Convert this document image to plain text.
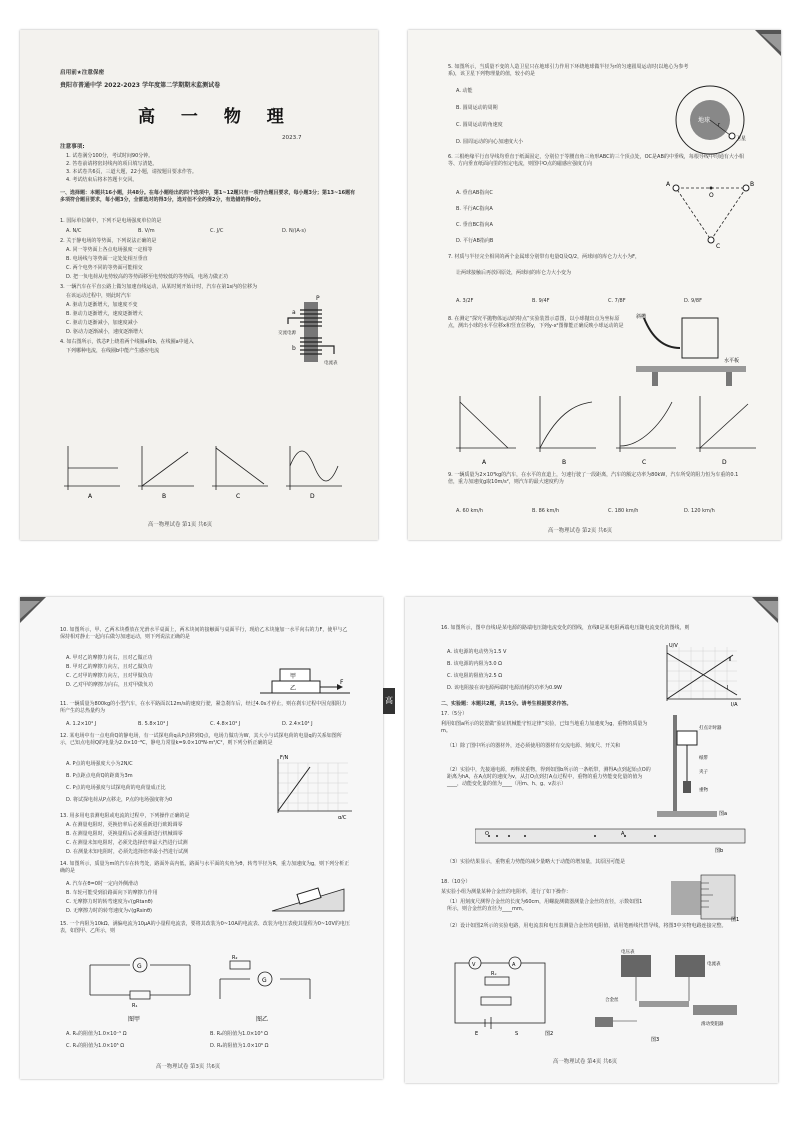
启用前★注意保密
贵阳市普通中学 2022-2023 学年度第二学期期末监测试卷
高 一 物 理
2023.7
注意事项:
1. 试卷满分100分，考试时间90分钟。
2. 答卷前请将密封线内的项目填写清楚。
3. 本试卷共6页，三道大题，22小题，请按题目要求作答。
4. 考试结束后将本答题卡交回。
一、选择题：本题共16小题，共48分。在每小题给出的四个选项中，第1~12题只有一项符合题目要求，每小题3分；第13~16题有多项符合题目要求，每小题3分，全部选对的得3分，选对但不全的得2分，有选错的得0分。
1. 国际单位制中，下列不是电场强度单位的是
A. N/C	B. V/m	C. J/C	D. N/(A·s)
2. 关于静电场的等势面，下列说法正确的是
A. 同一等势面上各点电场强度一定相等
B. 电场线与等势面一定处处相互垂直
C. 两个电势不同的等势面可能相交
D. 把一负电荷从电势较高的等势面移至电势较低的等势面，电场力做正功
3. 一辆汽车在平直公路上做匀加速直线运动，从某时刻开始计时，汽车在第1s内的位移为
在该运动过程中，则此时汽车
A. 驱动力逐渐增大，加速度不变
B. 驱动力逐渐增大，速度逐渐增大
C. 驱动力逐渐减小，加速度减小
D. 驱动力逐渐减小，速度逐渐增大
4. 如右图所示，铁芯P上绕着两个线圈a和b，在线圈a中通入
下列哪种电流，在线圈b中能产生感应电流
P
a
b
交流电源
电流表
A	B	C	D
高一物理试卷 第1页 共6页
5. 如图所示，当质量不变的人造卫星只在地球引力作用下环绕地球做半径为r的匀速圆周运动时(以地心为参考系)，该卫星下列物理量的值，较小的是
A. 动能
B. 圆周运动的周期
C. 圆周运动的角速度
D. 圆周运动的向心加速度大小
地球
卫星
r
6. 三根绝缘平行直导线均垂直于纸面固定，分别位于等腰直角三角形ABC的三个顶点处，OC是AB的中垂线，每根导线中均通有大小相等、方向垂直纸面向里的恒定电流，则图中O点的磁感应强度方向
A. 垂直AB指向C
B. 平行AC指向A
C. 垂直BC指向A
D. 平行AB指向B
A
O
B
C
7. 材质与半径完全相同的两个金属球分别带有电量Q及Q/2，两球间的库仑力大小为F，
让两球接触后再放回原处，两球间的库仑力大小变为
A. 3/2F	B. 9/4F	C. 7/8F	D. 9/8F
8. 在测定“探究平抛物体运动的特点”实验装置示意图，以小球抛出点为坐标原点，测出小球的水平位移x和竖直位移y，下列y-x²图像能正确反映小球运动的是
斜槽
水平板
A	B	C	D
9. 一辆质量为2×10³kg的汽车，在水平的直道上，匀速行驶了一段距离，汽车的额定功率为80kW，汽车所受的阻力恒为车重的0.1倍，重力加速度g取10m/s²，则汽车的最大速度约为
A. 60 km/h	B. 86 km/h	C. 180 km/h	D. 120 km/h
高一物理试卷 第2页 共6页
10. 如图所示，甲、乙两木块叠放在光滑水平桌面上，两木块间的接触面与桌面平行，现给乙木块施加一水平向右的力F，使甲与乙保持相对静止一起向右做匀加速运动，则下列说法正确的是
A. 甲对乙的摩擦力向右，且对乙做正功
B. 甲对乙的摩擦力向左，且对乙做负功
C. 乙对甲的摩擦力向左，且对甲做负功
D. 乙对甲的摩擦力向右，且对甲做负功
甲
乙
F
11. 一辆质量为800kg的小型汽车，在水平路面以12m/s的速度行驶，紧急刹车后，经过4.0s才停止，则在刹车过程中因克服阻力所产生的总热量约为
A. 1.2×10⁴ J	B. 5.8×10⁴ J	C. 4.8×10⁴ J	D. 2.4×10⁴ J
12. 某电场中有一点电荷Q的静电场，有一试探电荷q从P点移到Q点，电场力做功为W，其大小与试探电荷的电量q的关系如图所示，已知点电荷Q的电量为2.0×10⁻⁸C，静电力常量k=9.0×10⁹N·m²/C²，则下列分析正确的是
A. P点的电场强度大小为2N/C
B. P点距点电荷Q的距离为3m
C. P点的电场强度与试探电荷的电荷量成正比
D. 将试探电荷从P点移走，P点的电场强度将为0
F/N
q/C
13. 用多用电表测电阻或电流的过程中，下列操作正确的是
A. 在测量电阻时，更换倍率后必须重新进行欧姆调零
B. 在测量电阻时，更换量程后必须重新进行机械调零
C. 在测量未知电阻时，必须先选择倍率最大挡进行试测
D. 在测量未知电阻时，必须先选择倍率最小挡进行试测
14. 如图所示，质量为m的汽车在转弯处，路面外高内低，路面与水平面的夹角为θ，转弯半径为R，重力加速度为g，则下列分析正确的是
A. 汽车在θ=0时一定向外侧滑动
B. 车轮可能受到沿路面向下的摩擦力作用
C. 无摩擦力时的转弯速度为√(gRtanθ)
D. 无摩擦力时的转弯速度为√(gRsinθ)
15. 一个内阻为10kΩ、满偏电流为10μA的小量程电流表，要将其改装为0~10A的电流表、改装为电压表使其量程为0~10V的电压表，如图甲、乙所示，则
G
G
R₁
R₂
图甲	图乙
A. R₁的阻值为1.0×10⁻⁵ Ω	B. R₂的阻值为1.0×10³ Ω
C. R₁的阻值为1.0×10⁵ Ω	D. R₂的阻值为1.0×10⁶ Ω
高一物理试卷 第3页 共6页
高一
16. 如图所示，图中直线Ⅰ是某电源的路端电压随电流变化的图线，直线Ⅱ是某电阻两端电压随电流变化的图线，则
A. 该电源的电动势为1.5 V
B. 该电源的内阻为3.0 Ω
C. 该电阻的阻值为2.5 Ω
D. 该电阻接在该电源两端时电源消耗的功率为0.9W
U/V
I/A
Ⅰ
Ⅱ
二、实验题：本题共2题，共15分。请考生根据要求作答。
17.（5分）
利用如图a所示的装置做“验证机械能守恒定律”实验，已知当地重力加速度为g，重物的质量为m。
（1）除了图中所示的器材外，还必须使用的器材有交流电源、刻度尺、开关和
（2）实验中，先接通电源，再释放重物，得到如图b所示的一条纸带，测得A点到起始点O的距离为hA，在A点时的速度为v，从打O点到打A点过程中，重物的重力势能变化量的值为____，动能变化量的值为____（用m、h、g、v表示）
打点计时器
纸带
夹子
重物
图a
O	A
图b
（3）实验结果显示，重物重力势能的减少量略大于动能的增加量，其原因可能是
18.（10分）
某实验小组为测量某种合金丝的电阻率，进行了如下操作：
（1）用刻度尺测得合金丝的长度为60cm，用螺旋测微器测量合金丝的直径，示数如图1所示，则合金丝的直径为____mm。
（2）设计如图2所示的实验电路，用电流表和电压表测量合金丝的电阻值，请用笔画线代替导线，将图3中实物电路连接完整。
图1
V	A
Rₓ
E	S	图2
电压表
电流表
合金丝
滑动变阻器
图3
高一物理试卷 第4页 共6页
